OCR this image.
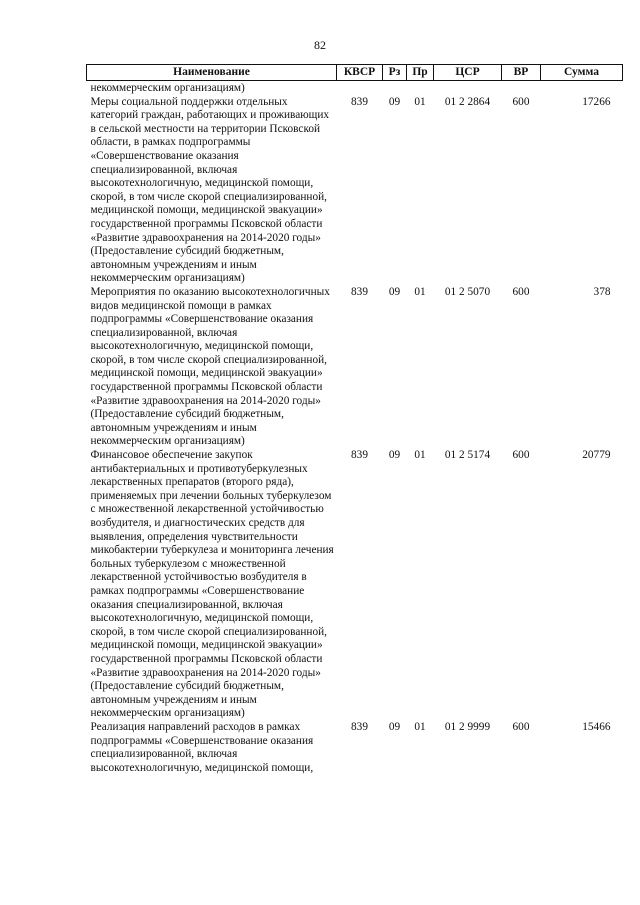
82
Наименование	КВСР	Рз	Пр	ЦСР	ВР	Сумма
некоммерческим организациям)						
Меры социальной поддержки отдельных категорий граждан, работающих и проживающих в сельской местности на территории Псковской области, в рамках подпрограммы «Совершенствование оказания специализированной, включая высокотехнологичную, медицинской помощи, скорой, в том числе скорой специализированной, медицинской помощи, медицинской эвакуации» государственной программы Псковской области «Развитие здравоохранения на 2014-2020 годы» (Предоставление субсидий бюджетным, автономным учреждениям и иным некоммерческим организациям)	839	09	01	01 2 2864	600	17266
Мероприятия по оказанию высокотехнологичных видов медицинской помощи в рамках подпрограммы «Совершенствование оказания специализированной, включая высокотехнологичную, медицинской помощи, скорой, в том числе скорой специализированной, медицинской помощи, медицинской эвакуации» государственной программы Псковской области «Развитие здравоохранения на 2014-2020 годы» (Предоставление субсидий бюджетным, автономным учреждениям и иным некоммерческим организациям)	839	09	01	01 2 5070	600	378
Финансовое обеспечение закупок антибактериальных и противотуберкулезных лекарственных препаратов (второго ряда), применяемых при лечении больных туберкулезом с множественной лекарственной устойчивостью возбудителя, и диагностических средств для выявления, определения чувствительности микобактерии туберкулеза и мониторинга лечения больных туберкулезом с множественной лекарственной устойчивостью возбудителя в рамках подпрограммы «Совершенствование оказания специализированной, включая высокотехнологичную, медицинской помощи, скорой, в том числе скорой специализированной, медицинской помощи, медицинской эвакуации» государственной программы Псковской области «Развитие здравоохранения на 2014-2020 годы» (Предоставление субсидий бюджетным, автономным учреждениям и иным некоммерческим организациям)	839	09	01	01 2 5174	600	20779
Реализация направлений расходов в рамках подпрограммы «Совершенствование оказания специализированной, включая высокотехнологичную, медицинской помощи,	839	09	01	01 2 9999	600	15466
